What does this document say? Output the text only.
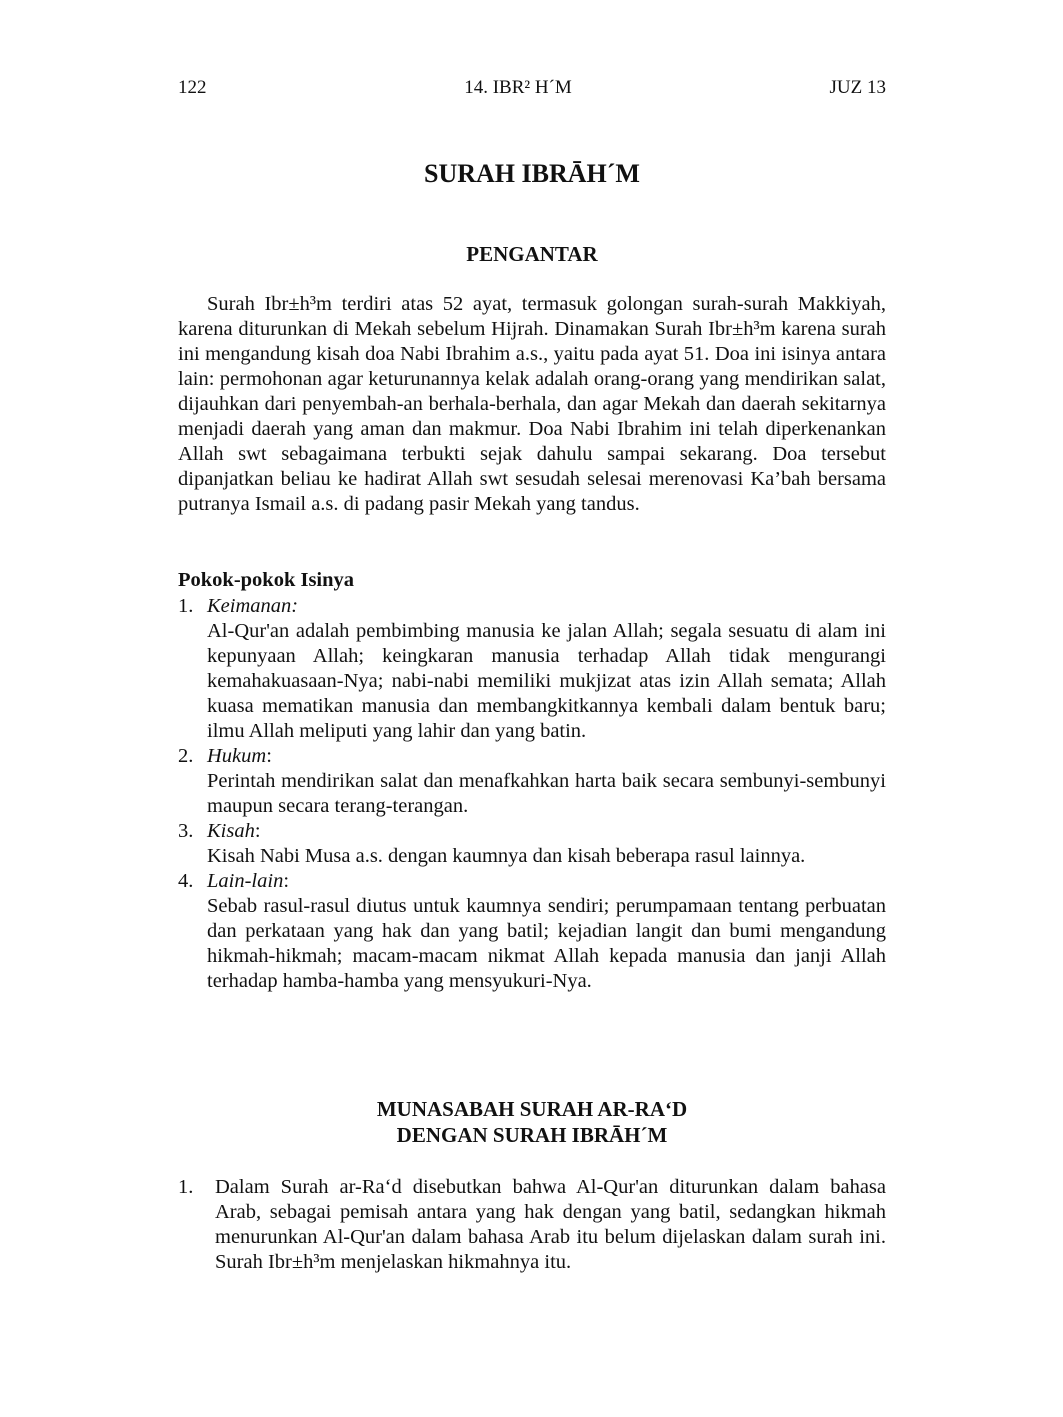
122	14. IBR² H´M	JUZ 13
SURAH IBRĀH´M
PENGANTAR

Surah Ibr±h³m terdiri atas 52 ayat, termasuk golongan surah-surah Makkiyah, karena diturunkan di Mekah sebelum Hijrah. Dinamakan Surah Ibr±h³m karena surah ini mengandung kisah doa Nabi Ibrahim a.s., yaitu pada ayat 51. Doa ini isinya antara lain: permohonan agar keturunannya kelak adalah orang-orang yang mendirikan salat, dijauhkan dari penyembah-an berhala-berhala, dan agar Mekah dan daerah sekitarnya menjadi daerah yang aman dan makmur. Doa Nabi Ibrahim ini telah diperkenankan Allah swt sebagaimana terbukti sejak dahulu sampai sekarang. Doa tersebut dipanjatkan beliau ke hadirat Allah swt sesudah selesai merenovasi Ka’bah bersama putranya Ismail a.s. di padang pasir Mekah yang tandus.

Pokok-pokok Isinya
1. Keimanan:
Al-Qur'an adalah pembimbing manusia ke jalan Allah; segala sesuatu di alam ini kepunyaan Allah; keingkaran manusia terhadap Allah tidak mengurangi kemahakuasaan-Nya; nabi-nabi memiliki mukjizat atas izin Allah semata; Allah kuasa mematikan manusia dan membangkitkannya kembali dalam bentuk baru; ilmu Allah meliputi yang lahir dan yang batin.
2. Hukum:
Perintah mendirikan salat dan menafkahkan harta baik secara sembunyi-sembunyi maupun secara terang-terangan.
3. Kisah:
Kisah Nabi Musa a.s. dengan kaumnya dan kisah beberapa rasul lainnya.
4. Lain-lain:
Sebab rasul-rasul diutus untuk kaumnya sendiri; perumpamaan tentang perbuatan dan perkataan yang hak dan yang batil; kejadian langit dan bumi mengandung hikmah-hikmah; macam-macam nikmat Allah kepada manusia dan janji Allah terhadap hamba-hamba yang mensyukuri-Nya.
MUNASABAH SURAH AR-RA‘D
DENGAN SURAH IBRĀH´M
1.	Dalam Surah ar-Ra‘d disebutkan bahwa Al-Qur'an diturunkan dalam bahasa Arab, sebagai pemisah antara yang hak dengan yang batil, sedangkan hikmah menurunkan Al-Qur'an dalam bahasa Arab itu belum dijelaskan dalam surah ini. Surah Ibr±h³m menjelaskan hikmahnya itu.
